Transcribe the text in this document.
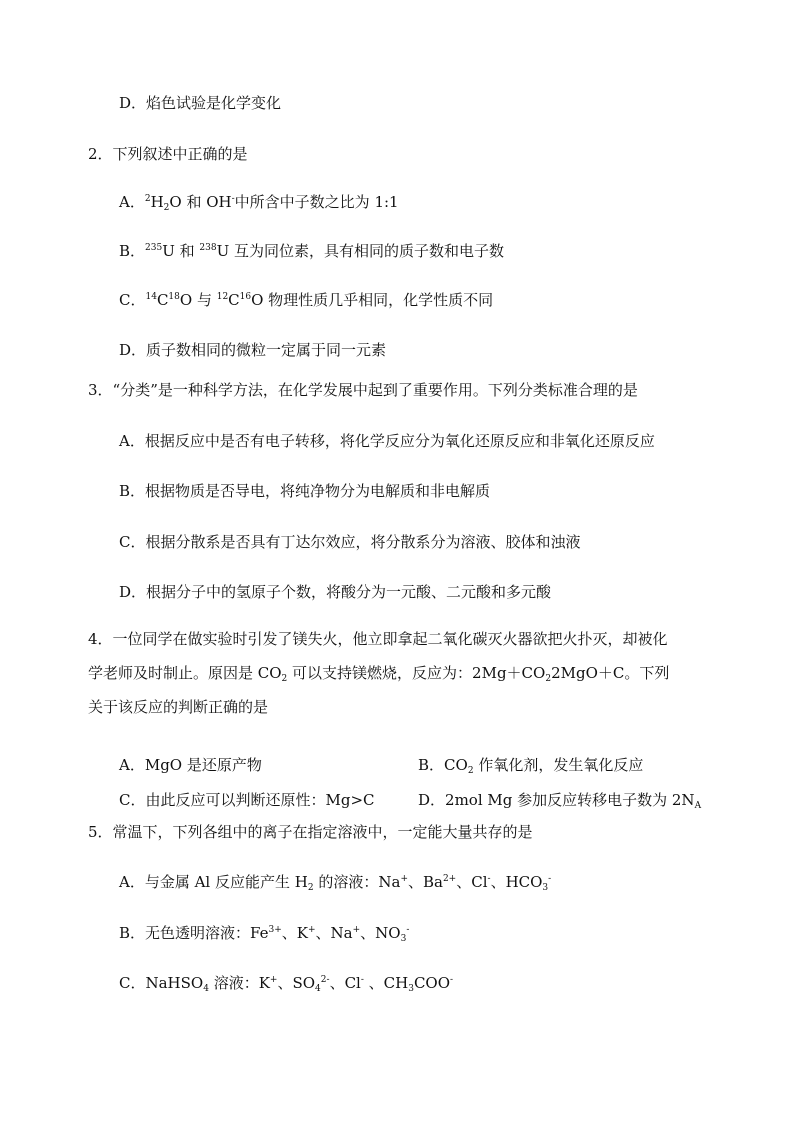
D．焰色试验是化学变化
2．下列叙述中正确的是
A．$^2H_2O$ 和 OH-中所含中子数之比为 1:1
B．$^{235}$U 和 $^{238}$U 互为同位素，具有相同的质子数和电子数
C．$^{14}C^{18}O$ 与 $^{12}C^{16}O$ 物理性质几乎相同，化学性质不同
D．质子数相同的微粒一定属于同一元素
3．“分类”是一种科学方法，在化学发展中起到了重要作用。下列分类标准合理的是
A．根据反应中是否有电子转移，将化学反应分为氧化还原反应和非氧化还原反应
B．根据物质是否导电，将纯净物分为电解质和非电解质
C．根据分散系是否具有丁达尔效应，将分散系分为溶液、胶体和浊液
D．根据分子中的氢原子个数，将酸分为一元酸、二元酸和多元酸
4．一位同学在做实验时引发了镁失火，他立即拿起二氧化碳灭火器欲把火扑灭，却被化
学老师及时制止。原因是 $CO_2$ 可以支持镁燃烧，反应为：$2Mg+CO_22MgO+C$。下列
关于该反应的判断正确的是
A．MgO 是还原产物	B．$CO_2$ 作氧化剂，发生氧化反应
C．由此反应可以判断还原性：Mg>C	D．2mol Mg 参加反应转移电子数为 $2N_A$
5．常温下，下列各组中的离子在指定溶液中，一定能大量共存的是
A．与金属 Al 反应能产生 $H_2$ 的溶液：Na+、$Ba^{2+}$、Cl-、$HCO_3^-$
B．无色透明溶液：$Fe^{3+}$、K+、Na+、$NO_3^-$
C．NaHSO$_4$ 溶液：K+、$SO_4^{2-}$、Cl- 、$CH_3COO^-$
